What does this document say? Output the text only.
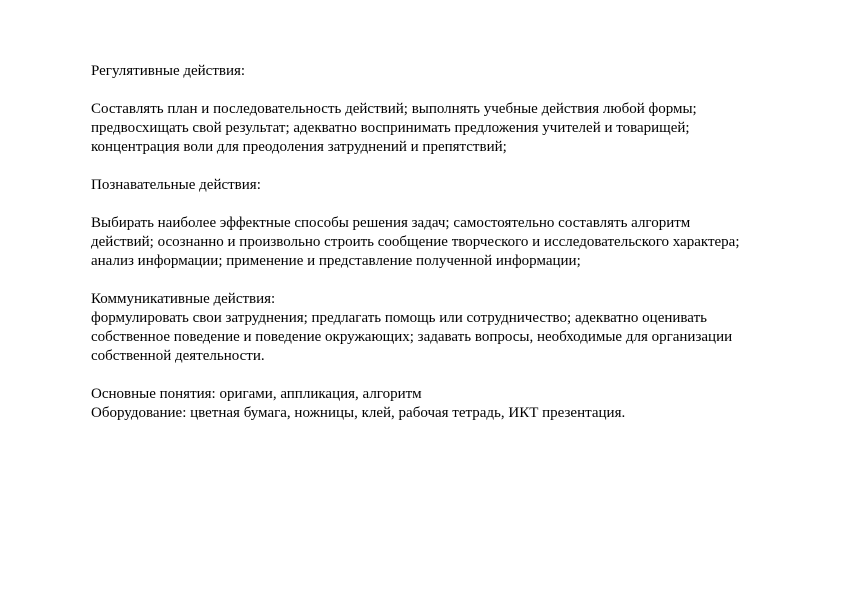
Регулятивные действия:
Составлять план и последовательность действий; выполнять учебные действия любой формы;
предвосхищать свой результат; адекватно воспринимать предложения учителей и товарищей;
концентрация воли для преодоления затруднений и препятствий;
Познавательные действия:
Выбирать наиболее эффектные способы решения задач; самостоятельно составлять алгоритм
действий; осознанно и произвольно строить сообщение творческого и исследовательского характера;
анализ информации; применение и представление полученной информации;
Коммуникативные действия:
формулировать свои затруднения; предлагать помощь или сотрудничество; адекватно оценивать
собственное поведение и поведение окружающих; задавать вопросы, необходимые для организации
собственной деятельности.
Основные понятия: оригами, аппликация, алгоритм
Оборудование: цветная бумага, ножницы, клей, рабочая тетрадь, ИКТ презентация.
